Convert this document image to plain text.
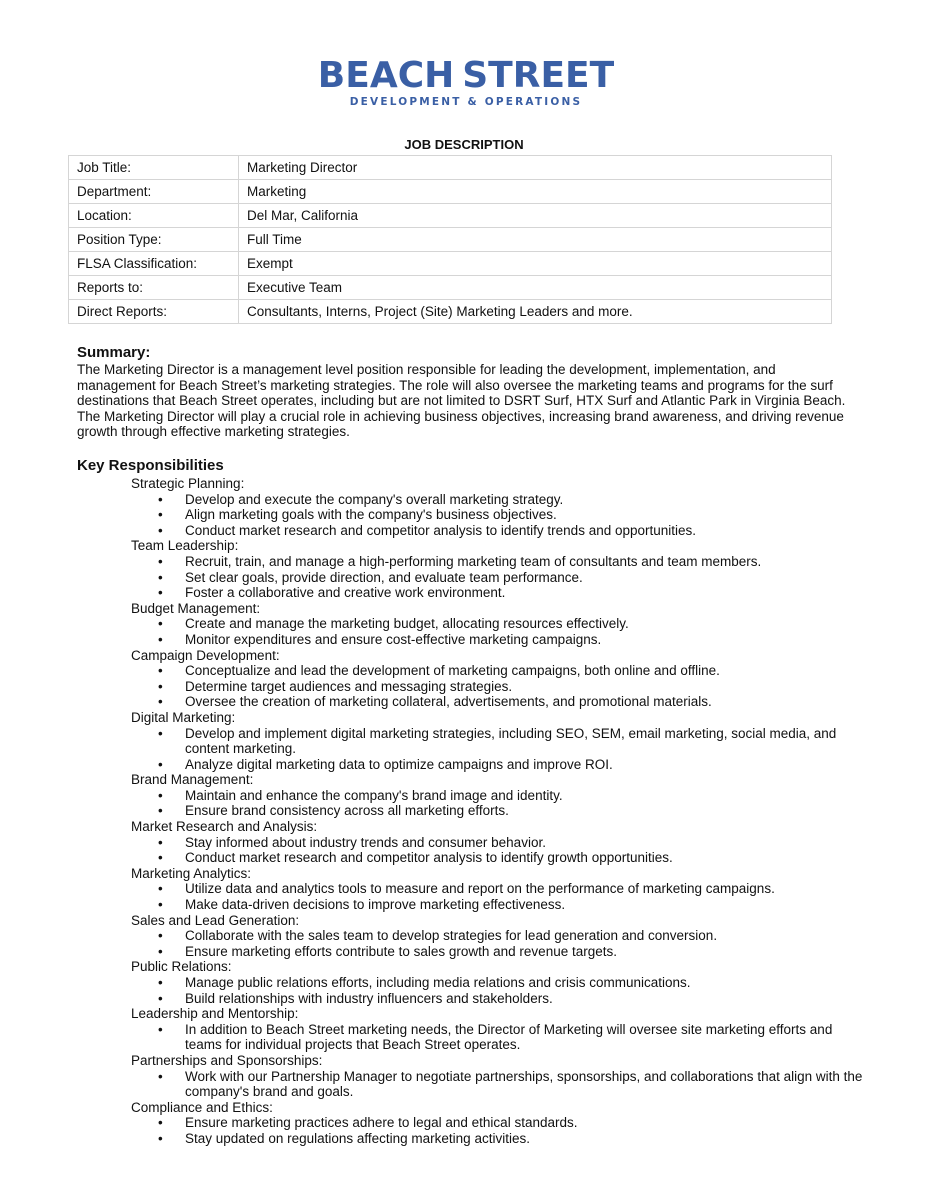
BEACH STREET
DEVELOPMENT & OPERATIONS
JOB DESCRIPTION
Job Title:	Marketing Director
Department:	Marketing
Location:	Del Mar, California
Position Type:	Full Time
FLSA Classification:	Exempt
Reports to:	Executive Team
Direct Reports:	Consultants, Interns, Project (Site) Marketing Leaders and more.
Summary:
The Marketing Director is a management level position responsible for leading the development, implementation, and management for Beach Street’s marketing strategies. The role will also oversee the marketing teams and programs for the surf destinations that Beach Street operates, including but are not limited to DSRT Surf, HTX Surf and Atlantic Park in Virginia Beach. The Marketing Director will play a crucial role in achieving business objectives, increasing brand awareness, and driving revenue growth through effective marketing strategies.
Key Responsibilities
Strategic Planning:
•	Develop and execute the company's overall marketing strategy.
•	Align marketing goals with the company's business objectives.
•	Conduct market research and competitor analysis to identify trends and opportunities.
Team Leadership:
•	Recruit, train, and manage a high-performing marketing team of consultants and team members.
•	Set clear goals, provide direction, and evaluate team performance.
•	Foster a collaborative and creative work environment.
Budget Management:
•	Create and manage the marketing budget, allocating resources effectively.
•	Monitor expenditures and ensure cost-effective marketing campaigns.
Campaign Development:
•	Conceptualize and lead the development of marketing campaigns, both online and offline.
•	Determine target audiences and messaging strategies.
•	Oversee the creation of marketing collateral, advertisements, and promotional materials.
Digital Marketing:
•	Develop and implement digital marketing strategies, including SEO, SEM, email marketing, social media, and content marketing.
•	Analyze digital marketing data to optimize campaigns and improve ROI.
Brand Management:
•	Maintain and enhance the company's brand image and identity.
•	Ensure brand consistency across all marketing efforts.
Market Research and Analysis:
•	Stay informed about industry trends and consumer behavior.
•	Conduct market research and competitor analysis to identify growth opportunities.
Marketing Analytics:
•	Utilize data and analytics tools to measure and report on the performance of marketing campaigns.
•	Make data-driven decisions to improve marketing effectiveness.
Sales and Lead Generation:
•	Collaborate with the sales team to develop strategies for lead generation and conversion.
•	Ensure marketing efforts contribute to sales growth and revenue targets.
Public Relations:
•	Manage public relations efforts, including media relations and crisis communications.
•	Build relationships with industry influencers and stakeholders.
Leadership and Mentorship:
•	In addition to Beach Street marketing needs, the Director of Marketing will oversee site marketing efforts and teams for individual projects that Beach Street operates.
Partnerships and Sponsorships:
•	Work with our Partnership Manager to negotiate partnerships, sponsorships, and collaborations that align with the company's brand and goals.
Compliance and Ethics:
•	Ensure marketing practices adhere to legal and ethical standards.
•	Stay updated on regulations affecting marketing activities.
